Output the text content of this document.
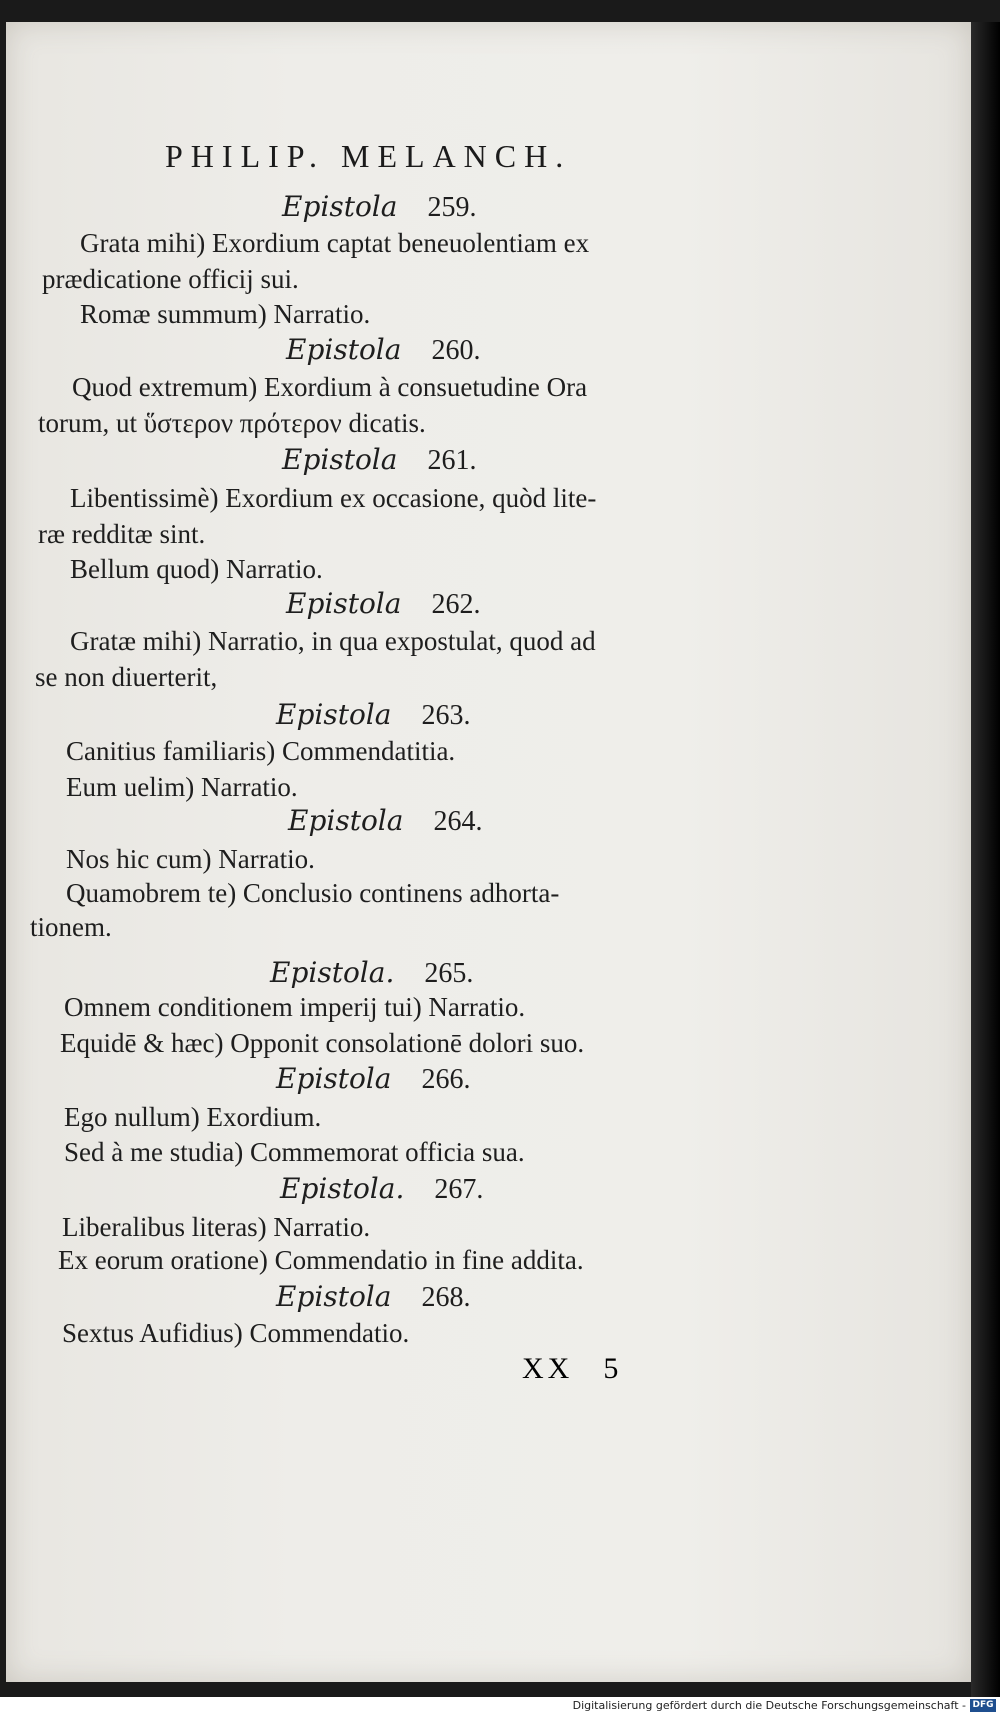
PHILIP. MELANCH.
Epistola 259.
Grata mihi) Exordium captat beneuolentiam ex
prædicatione officij sui.
Romæ summum) Narratio.
Epistola 260.
Quod extremum) Exordium à consuetudine Ora
torum, ut ὕστερον πρότερον dicatis.
Epistola 261.
Libentissimè) Exordium ex occasione, quòd lite-
ræ redditæ sint.
Bellum quod) Narratio.
Epistola 262.
Gratæ mihi) Narratio, in qua expostulat, quod ad
se non diuerterit,
Epistola 263.
Canitius familiaris) Commendatitia.
Eum uelim) Narratio.
Epistola 264.
Nos hic cum) Narratio.
Quamobrem te) Conclusio continens adhorta-
tionem.
Epistola. 265.
Omnem conditionem imperij tui) Narratio.
Equidē & hæc) Opponit consolationē dolori suo.
Epistola 266.
Ego nullum) Exordium.
Sed à me studia) Commemorat officia sua.
Epistola. 267.
Liberalibus literas) Narratio.
Ex eorum oratione) Commendatio in fine addita.
Epistola 268.
Sextus Aufidius) Commendatio.
XX 5
Digitalisierung gefördert durch die Deutsche Forschungsgemeinschaft - DFG
